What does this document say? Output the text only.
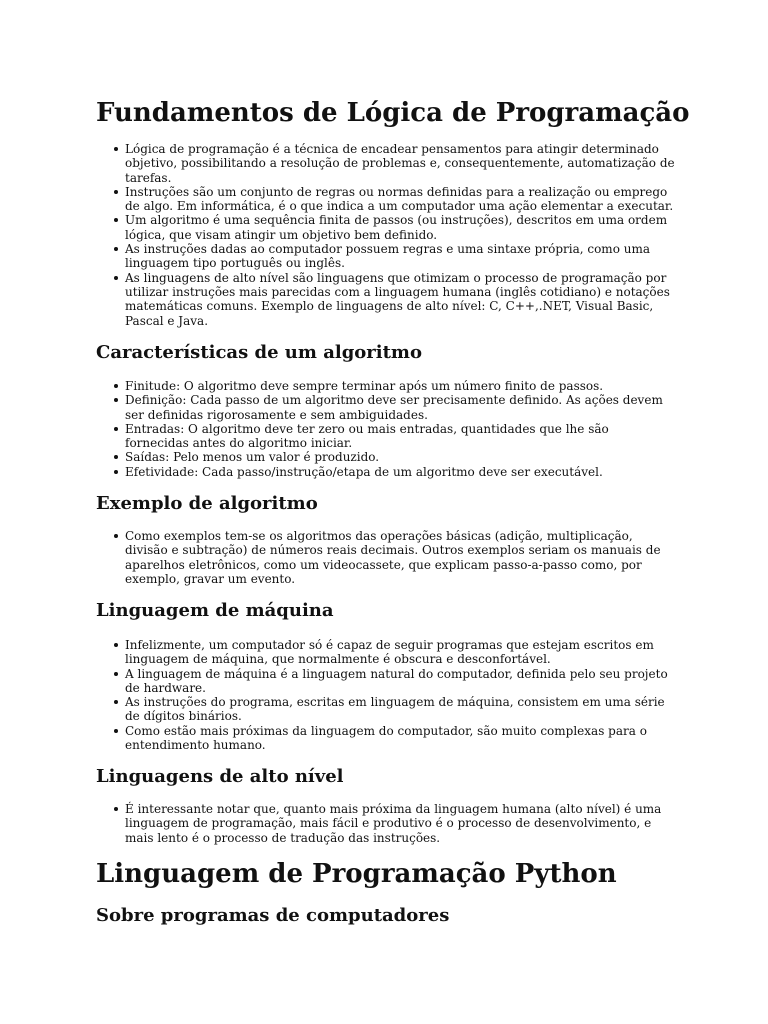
Fundamentos de Lógica de Programação
Lógica de programação é a técnica de encadear pensamentos para atingir determinado objetivo, possibilitando a resolução de problemas e, consequentemente, automatização de tarefas.
Instruções são um conjunto de regras ou normas definidas para a realização ou emprego de algo. Em informática, é o que indica a um computador uma ação elementar a executar.
Um algoritmo é uma sequência finita de passos (ou instruções), descritos em uma ordem lógica, que visam atingir um objetivo bem definido.
As instruções dadas ao computador possuem regras e uma sintaxe própria, como uma linguagem tipo português ou inglês.
As linguagens de alto nível são linguagens que otimizam o processo de programação por utilizar instruções mais parecidas com a linguagem humana (inglês cotidiano) e notações matemáticas comuns. Exemplo de linguagens de alto nível: C, C++,.NET, Visual Basic, Pascal e Java.
Características de um algoritmo
Finitude: O algoritmo deve sempre terminar após um número finito de passos.
Definição: Cada passo de um algoritmo deve ser precisamente definido. As ações devem ser definidas rigorosamente e sem ambiguidades.
Entradas: O algoritmo deve ter zero ou mais entradas, quantidades que lhe são fornecidas antes do algoritmo iniciar.
Saídas: Pelo menos um valor é produzido.
Efetividade: Cada passo/instrução/etapa de um algoritmo deve ser executável.
Exemplo de algoritmo
Como exemplos tem-se os algoritmos das operações básicas (adição, multiplicação, divisão e subtração) de números reais decimais. Outros exemplos seriam os manuais de aparelhos eletrônicos, como um videocassete, que explicam passo-a-passo como, por exemplo, gravar um evento.
Linguagem de máquina
Infelizmente, um computador só é capaz de seguir programas que estejam escritos em linguagem de máquina, que normalmente é obscura e desconfortável.
A linguagem de máquina é a linguagem natural do computador, definida pelo seu projeto de hardware.
As instruções do programa, escritas em linguagem de máquina, consistem em uma série de dígitos binários.
Como estão mais próximas da linguagem do computador, são muito complexas para o entendimento humano.
Linguagens de alto nível
É interessante notar que, quanto mais próxima da linguagem humana (alto nível) é uma linguagem de programação, mais fácil e produtivo é o processo de desenvolvimento, e mais lento é o processo de tradução das instruções.
Linguagem de Programação Python
Sobre programas de computadores
